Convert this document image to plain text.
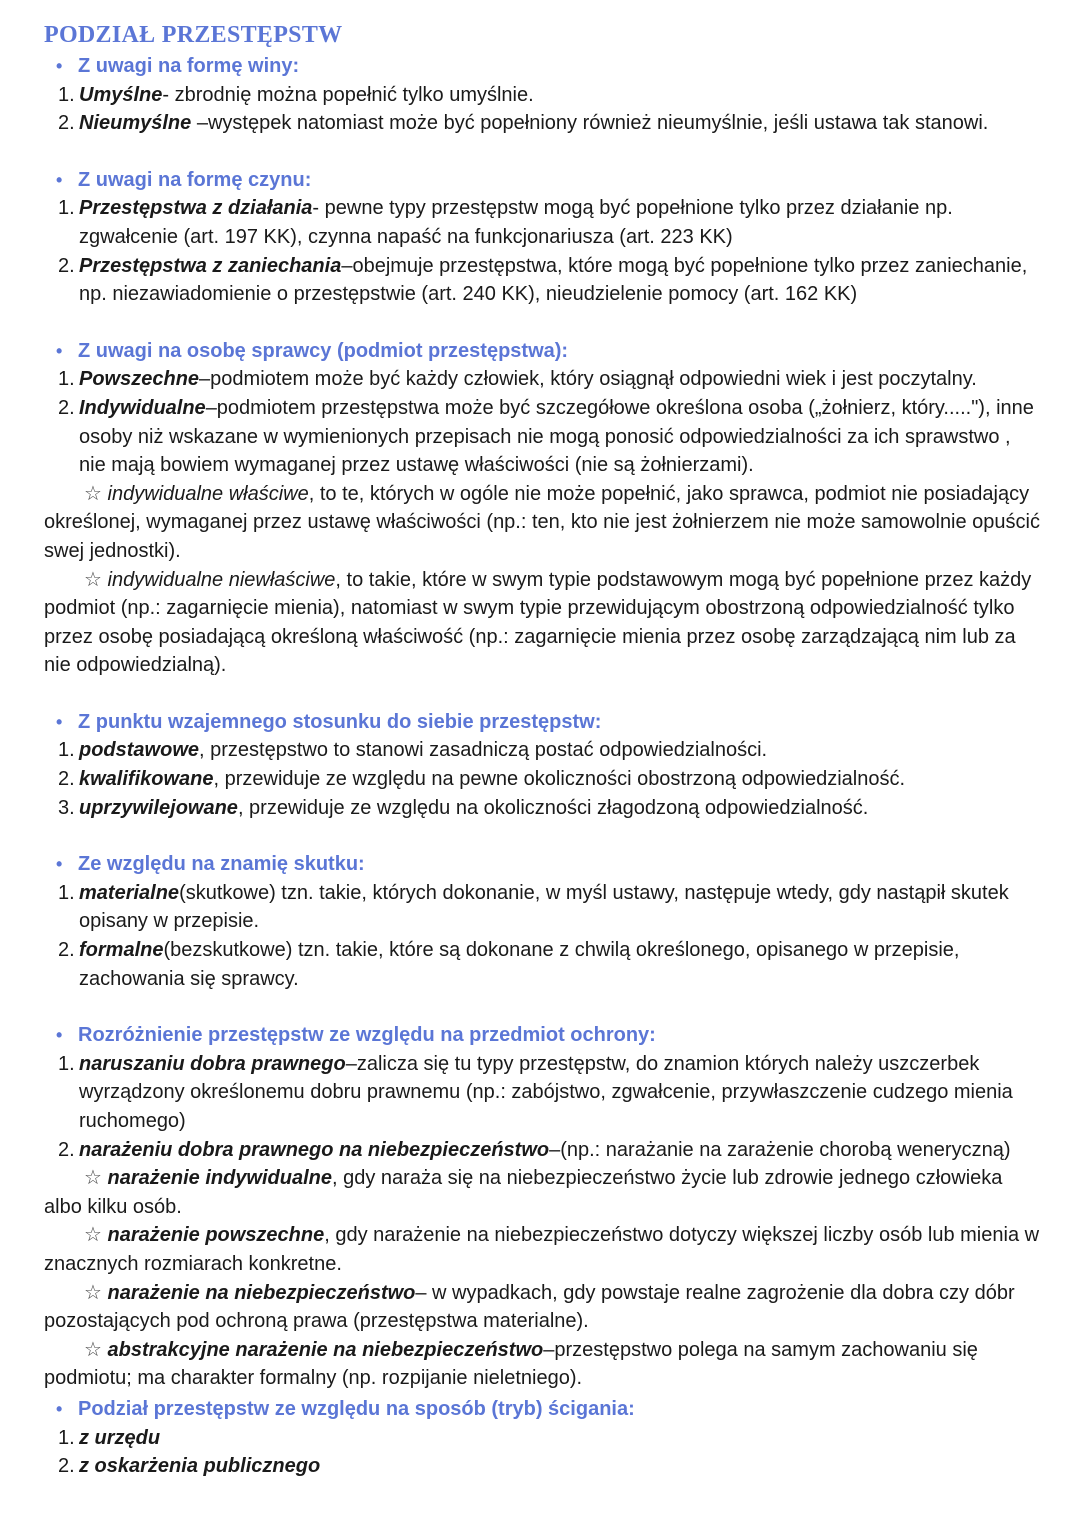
PODZIAŁ PRZESTĘPSTW
• Z uwagi na formę winy:
1. Umyślne- zbrodnię można popełnić tylko umyślnie.
2. Nieumyślne –występek natomiast może być popełniony również nieumyślnie, jeśli ustawa tak stanowi.
• Z uwagi na formę czynu:
1. Przestępstwa z działania- pewne typy przestępstw mogą być popełnione tylko przez działanie np. zgwałcenie (art. 197 KK), czynna napaść na funkcjonariusza (art. 223 KK)
2. Przestępstwa z zaniechania–obejmuje przestępstwa, które mogą być popełnione tylko przez zaniechanie, np. niezawiadomienie o przestępstwie (art. 240 KK), nieudzielenie pomocy (art. 162 KK)
• Z uwagi na osobę sprawcy (podmiot przestępstwa):
1. Powszechne–podmiotem może być każdy człowiek, który osiągnął odpowiedni wiek i jest poczytalny.
2. Indywidualne–podmiotem przestępstwa może być szczegółowe określona osoba („żołnierz, który....."), inne osoby niż wskazane w wymienionych przepisach nie mogą ponosić odpowiedzialności za ich sprawstwo , nie mają bowiem wymaganej przez ustawę właściwości (nie są żołnierzami).

☆ indywidualne właściwe, to te, których w ogóle nie może popełnić, jako sprawca, podmiot nie posiadający określonej, wymaganej przez ustawę właściwości (np.: ten, kto nie jest żołnierzem nie może samowolnie opuścić swej jednostki).

☆ indywidualne niewłaściwe, to takie, które w swym typie podstawowym mogą być popełnione przez każdy podmiot (np.: zagarnięcie mienia), natomiast w swym typie przewidującym obostrzoną odpowiedzialność tylko przez osobę posiadającą określoną właściwość (np.: zagarnięcie mienia przez osobę zarządzającą nim lub za nie odpowiedzialną).

• Z punktu wzajemnego stosunku do siebie przestępstw:
1. podstawowe, przestępstwo to stanowi zasadniczą postać odpowiedzialności.
2. kwalifikowane, przewiduje ze względu na pewne okoliczności obostrzoną odpowiedzialność.
3. uprzywilejowane, przewiduje ze względu na okoliczności złagodzoną odpowiedzialność.
• Ze względu na znamię skutku:
1. materialne(skutkowe) tzn. takie, których dokonanie, w myśl ustawy, następuje wtedy, gdy nastąpił skutek opisany w przepisie.
2. formalne(bezskutkowe) tzn. takie, które są dokonane z chwilą określonego, opisanego w przepisie, zachowania się sprawcy.
• Rozróżnienie przestępstw ze względu na przedmiot ochrony:
1. naruszaniu dobra prawnego–zalicza się tu typy przestępstw, do znamion których należy uszczerbek wyrządzony określonemu dobru prawnemu (np.: zabójstwo, zgwałcenie, przywłaszczenie cudzego mienia ruchomego)
2. narażeniu dobra prawnego na niebezpieczeństwo–(np.: narażanie na zarażenie chorobą weneryczną)

☆ narażenie indywidualne, gdy naraża się na niebezpieczeństwo życie lub zdrowie jednego człowieka albo kilku osób.

☆ narażenie powszechne, gdy narażenie na niebezpieczeństwo dotyczy większej liczby osób lub mienia w znacznych rozmiarach konkretne.

☆ narażenie na niebezpieczeństwo– w wypadkach, gdy powstaje realne zagrożenie dla dobra czy dóbr pozostających pod ochroną prawa (przestępstwa materialne).

☆ abstrakcyjne narażenie na niebezpieczeństwo–przestępstwo polega na samym zachowaniu się podmiotu; ma charakter formalny (np. rozpijanie nieletniego).

• Podział przestępstw ze względu na sposób (tryb) ścigania:
1. z urzędu
2. z oskarżenia publicznego
